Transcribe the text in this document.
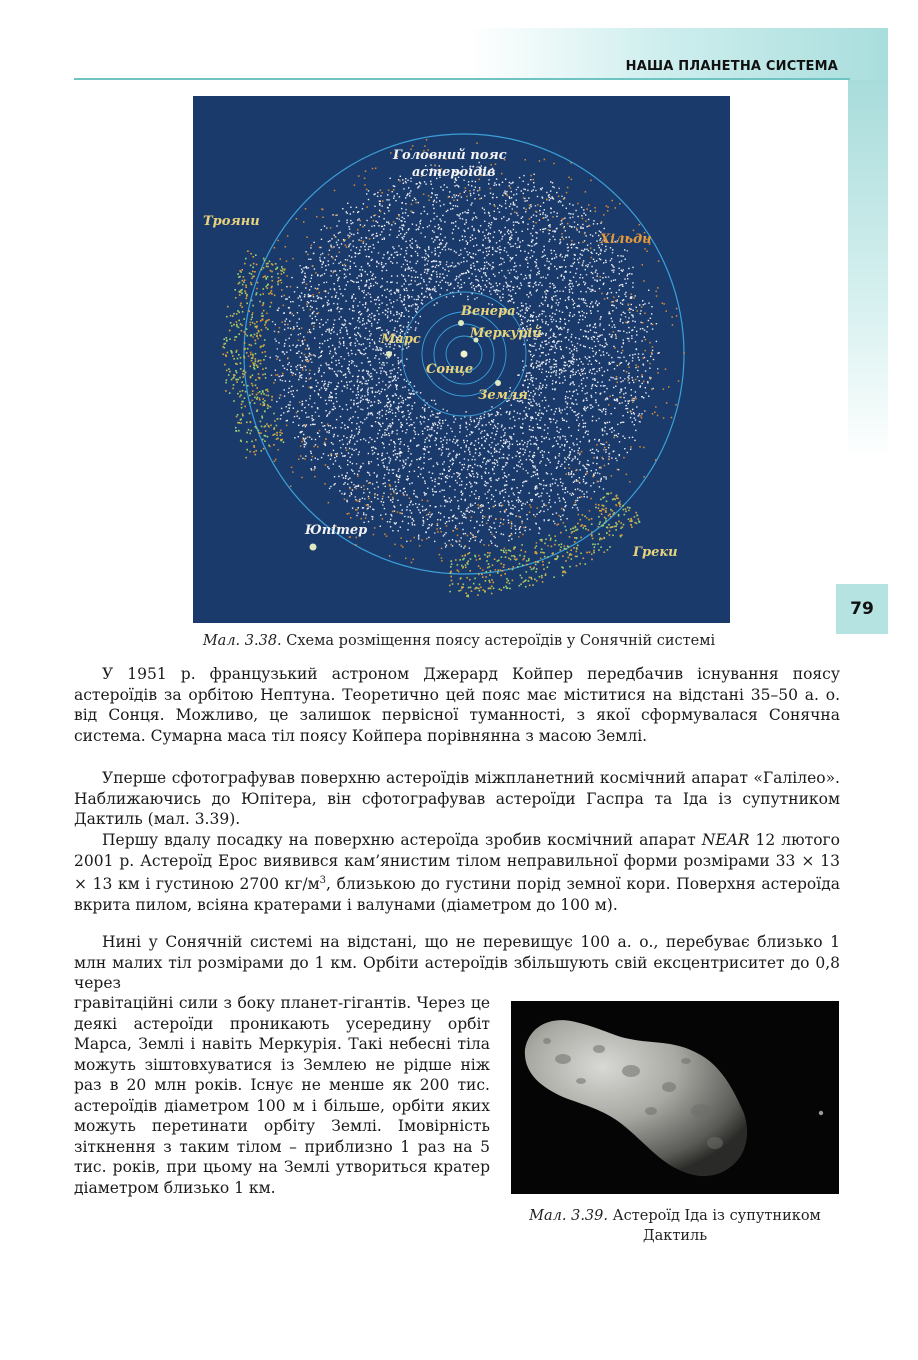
НАША ПЛАНЕТНА СИСТЕМА
79
Головний пояс
астероїдів
Трояни
Хільди
Венера
Меркурій
Марс
Сонце
Земля
Юпітер
Греки
Мал. 3.38. Схема розміщення поясу астероїдів у Сонячній системі
У 1951 р. французький астроном Джерард Койпер передбачив існування поясу астероїдів за орбітою Нептуна. Теоретично цей пояс має міститися на відстані 35–50 а. о. від Сонця. Можливо, це залишок первісної туманності, з якої сформувалася Сонячна система. Сумарна маса тіл поясу Койпера порівнянна з масою Землі.
Уперше сфотографував поверхню астероїдів міжпланетний космічний апарат «Галілео». Наближаючись до Юпітера, він сфотографував астероїди Гаспра та Іда із супутником Дактиль (мал. 3.39).
Першу вдалу посадку на поверхню астероїда зробив космічний апарат NEAR 12 лютого 2001 р. Астероїд Ерос виявився кам’янистим тілом неправильної форми розмірами 33 × 13 × 13 км і густиною 2700 $кг/м^3$, близькою до густини порід земної кори. Поверхня астероїда вкрита пилом, всіяна кратерами і валунами (діаметром до 100 м).
Нині у Сонячній системі на відстані, що не перевищує 100 а. о., перебуває близько 1 млн малих тіл розмірами до 1 км. Орбіти астероїдів збільшують свій ексцентриситет до 0,8 через
гравітаційні сили з боку планет-гігантів. Через це деякі астероїди проникають усередину орбіт Марса, Землі і навіть Меркурія. Такі небесні тіла можуть зіштовхуватися із Землею не рідше ніж раз в 20 млн років. Існує не менше як 200 тис. астероїдів діаметром 100 м і більше, орбіти яких можуть перетинати орбіту Землі. Імовірність зіткнення з таким тілом – приблизно 1 раз на 5 тис. років, при цьому на Землі утвориться кратер діаметром близько 1 км.
Мал. 3.39. Астероїд Іда із супутником Дактиль
